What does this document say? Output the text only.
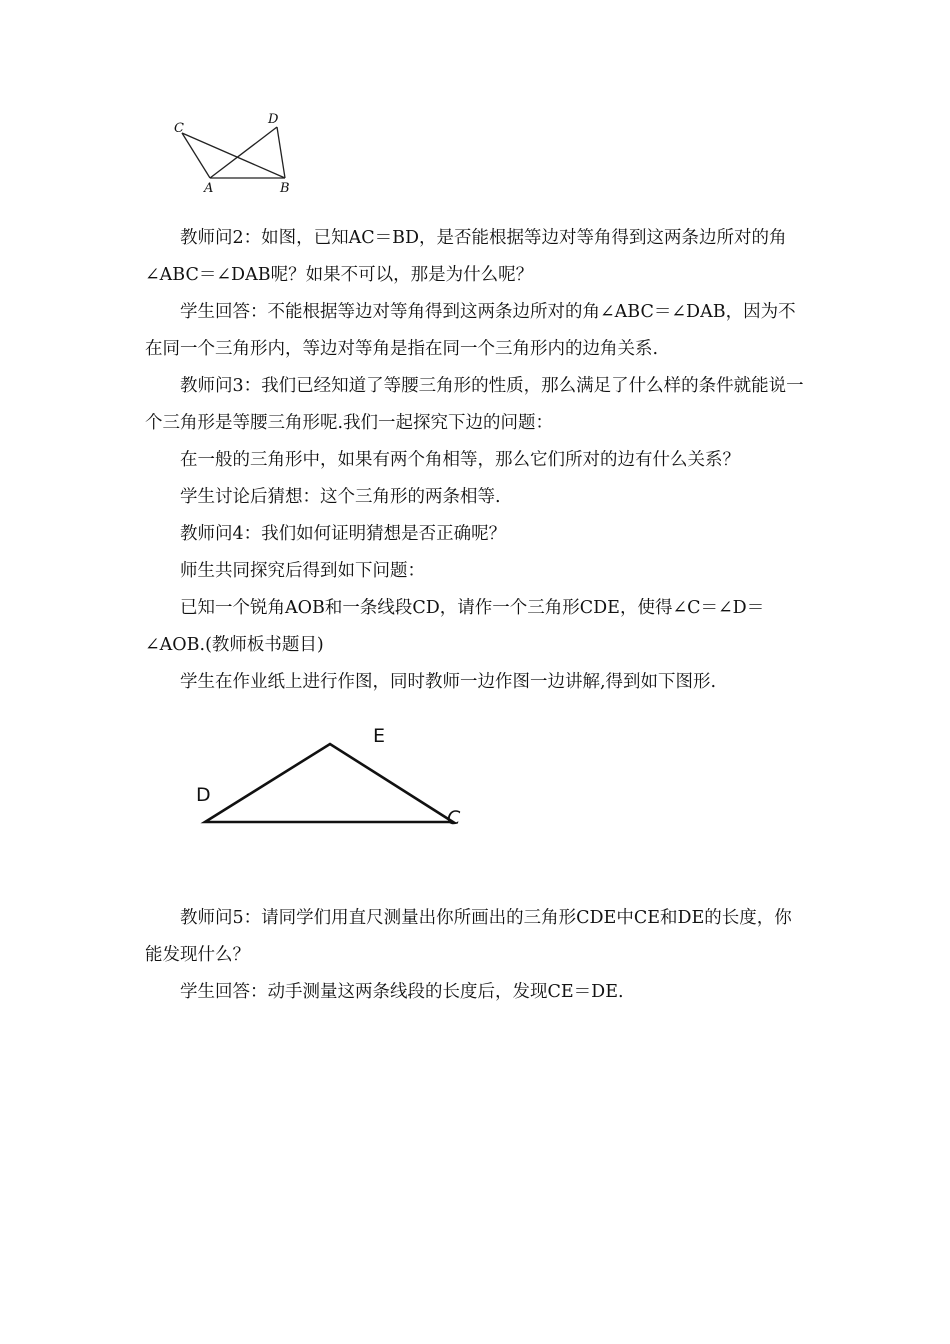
C
D
A	B

教师问2：如图，已知AC＝BD，是否能根据等边对等角得到这两条边所对的角∠ABC＝∠DAB呢？如果不可以，那是为什么呢？

学生回答：不能根据等边对等角得到这两条边所对的角∠ABC＝∠DAB，因为不在同一个三角形内，等边对等角是指在同一个三角形内的边角关系.

教师问3：我们已经知道了等腰三角形的性质，那么满足了什么样的条件就能说一个三角形是等腰三角形呢.我们一起探究下边的问题：

在一般的三角形中，如果有两个角相等，那么它们所对的边有什么关系？

学生讨论后猜想：这个三角形的两条相等.

教师问4：我们如何证明猜想是否正确呢？

师生共同探究后得到如下问题：

已知一个锐角AOB和一条线段CD，请作一个三角形CDE，使得∠C＝∠D＝∠AOB.(教师板书题目)

学生在作业纸上进行作图，同时教师一边作图一边讲解,得到如下图形.

E
D
C

教师问5：请同学们用直尺测量出你所画出的三角形CDE中CE和DE的长度，你能发现什么？

学生回答：动手测量这两条线段的长度后，发现CE＝DE.
